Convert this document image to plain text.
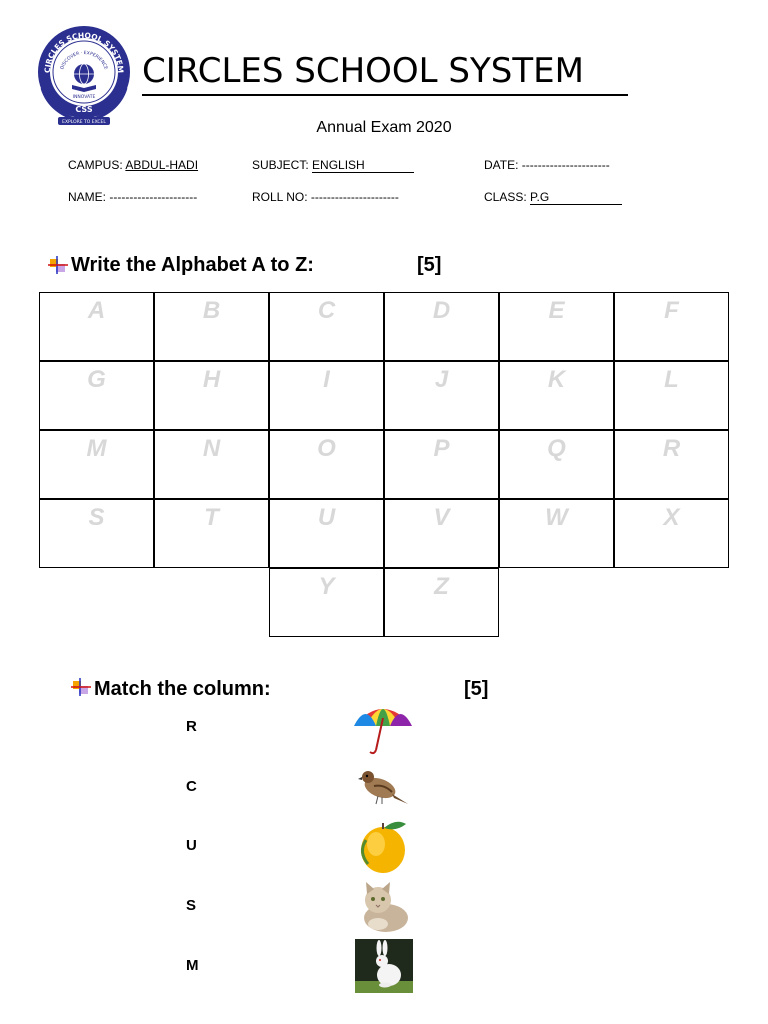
CIRCLES SCHOOL SYSTEM
DISCOVER · EXPERIENCE
INNOVATE
CSS
EXPLORE TO EXCEL
CIRCLES SCHOOL SYSTEM
Annual Exam 2020
CAMPUS: ABDUL-HADI	SUBJECT: ENGLISH	DATE: ----------------------
NAME: ----------------------	ROLL NO: ----------------------	CLASS: P.G
Write the Alphabet A to Z:	[5]
A	B	C	D	E	F
G	H	I	J	K	L
M	N	O	P	Q	R
S	T	U	V	W	X
Y	Z
Match the column:	[5]
R
C
U
S
M
